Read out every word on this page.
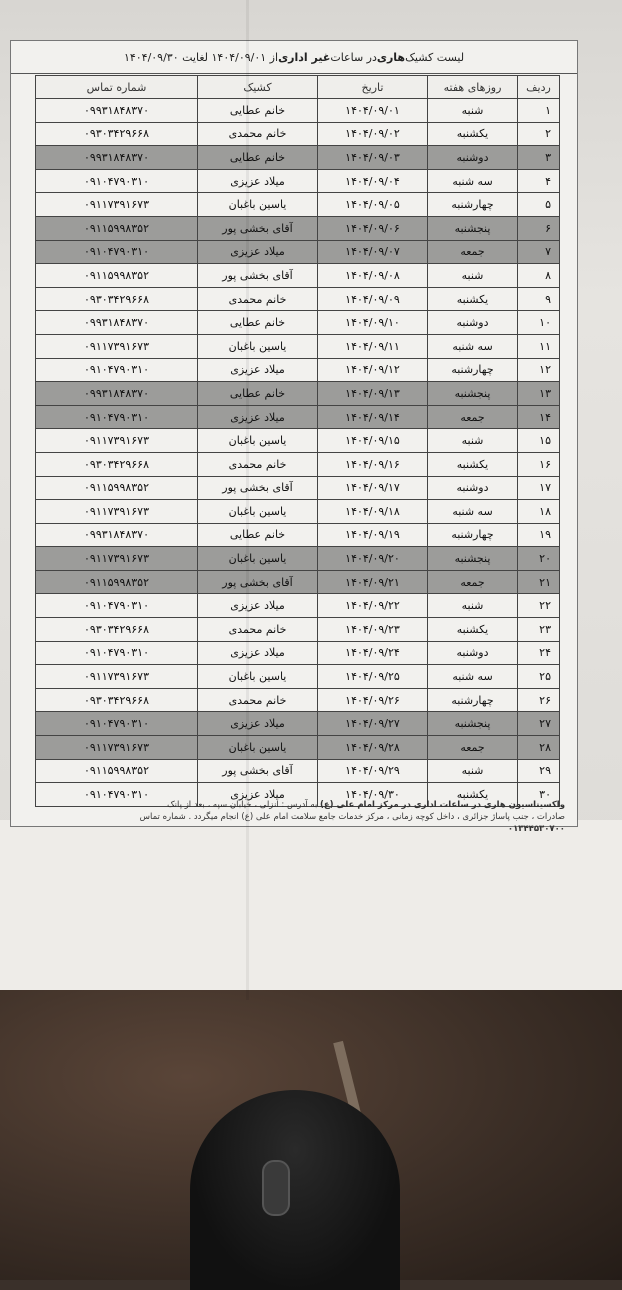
لیست کشیک
هاری
در ساعات
غیر اداری
از ۱۴۰۴/۰۹/۰۱ لغایت ۱۴۰۴/۰۹/۳۰
ردیف	روزهای هفته	تاریخ	کشیک	شماره تماس
۱	شنبه	۱۴۰۴/۰۹/۰۱	خانم عطایی	۰۹۹۳۱۸۴۸۳۷۰
۲	یکشنبه	۱۴۰۴/۰۹/۰۲	خانم محمدی	۰۹۳۰۳۴۲۹۶۶۸
۳	دوشنبه	۱۴۰۴/۰۹/۰۳	خانم عطایی	۰۹۹۳۱۸۴۸۳۷۰
۴	سه شنبه	۱۴۰۴/۰۹/۰۴	میلاد عزیزی	۰۹۱۰۴۷۹۰۳۱۰
۵	چهارشنبه	۱۴۰۴/۰۹/۰۵	یاسین باغبان	۰۹۱۱۷۳۹۱۶۷۳
۶	پنجشنبه	۱۴۰۴/۰۹/۰۶	آقای بخشی پور	۰۹۱۱۵۹۹۸۳۵۲
۷	جمعه	۱۴۰۴/۰۹/۰۷	میلاد عزیزی	۰۹۱۰۴۷۹۰۳۱۰
۸	شنبه	۱۴۰۴/۰۹/۰۸	آقای بخشی پور	۰۹۱۱۵۹۹۸۳۵۲
۹	یکشنبه	۱۴۰۴/۰۹/۰۹	خانم محمدی	۰۹۳۰۳۴۲۹۶۶۸
۱۰	دوشنبه	۱۴۰۴/۰۹/۱۰	خانم عطایی	۰۹۹۳۱۸۴۸۳۷۰
۱۱	سه شنبه	۱۴۰۴/۰۹/۱۱	یاسین باغبان	۰۹۱۱۷۳۹۱۶۷۳
۱۲	چهارشنبه	۱۴۰۴/۰۹/۱۲	میلاد عزیزی	۰۹۱۰۴۷۹۰۳۱۰
۱۳	پنجشنبه	۱۴۰۴/۰۹/۱۳	خانم عطایی	۰۹۹۳۱۸۴۸۳۷۰
۱۴	جمعه	۱۴۰۴/۰۹/۱۴	میلاد عزیزی	۰۹۱۰۴۷۹۰۳۱۰
۱۵	شنبه	۱۴۰۴/۰۹/۱۵	یاسین باغبان	۰۹۱۱۷۳۹۱۶۷۳
۱۶	یکشنبه	۱۴۰۴/۰۹/۱۶	خانم محمدی	۰۹۳۰۳۴۲۹۶۶۸
۱۷	دوشنبه	۱۴۰۴/۰۹/۱۷	آقای بخشی پور	۰۹۱۱۵۹۹۸۳۵۲
۱۸	سه شنبه	۱۴۰۴/۰۹/۱۸	یاسین باغبان	۰۹۱۱۷۳۹۱۶۷۳
۱۹	چهارشنبه	۱۴۰۴/۰۹/۱۹	خانم عطایی	۰۹۹۳۱۸۴۸۳۷۰
۲۰	پنجشنبه	۱۴۰۴/۰۹/۲۰	یاسین باغبان	۰۹۱۱۷۳۹۱۶۷۳
۲۱	جمعه	۱۴۰۴/۰۹/۲۱	آقای بخشی پور	۰۹۱۱۵۹۹۸۳۵۲
۲۲	شنبه	۱۴۰۴/۰۹/۲۲	میلاد عزیزی	۰۹۱۰۴۷۹۰۳۱۰
۲۳	یکشنبه	۱۴۰۴/۰۹/۲۳	خانم محمدی	۰۹۳۰۳۴۲۹۶۶۸
۲۴	دوشنبه	۱۴۰۴/۰۹/۲۴	میلاد عزیزی	۰۹۱۰۴۷۹۰۳۱۰
۲۵	سه شنبه	۱۴۰۴/۰۹/۲۵	یاسین باغبان	۰۹۱۱۷۳۹۱۶۷۳
۲۶	چهارشنبه	۱۴۰۴/۰۹/۲۶	خانم محمدی	۰۹۳۰۳۴۲۹۶۶۸
۲۷	پنجشنبه	۱۴۰۴/۰۹/۲۷	میلاد عزیزی	۰۹۱۰۴۷۹۰۳۱۰
۲۸	جمعه	۱۴۰۴/۰۹/۲۸	یاسین باغبان	۰۹۱۱۷۳۹۱۶۷۳
۲۹	شنبه	۱۴۰۴/۰۹/۲۹	آقای بخشی پور	۰۹۱۱۵۹۹۸۳۵۲
۳۰	یکشنبه	۱۴۰۴/۰۹/۳۰	میلاد عزیزی	۰۹۱۰۴۷۹۰۳۱۰
واکسیناسیون هاری در ساعات اداری در مرکز امام علی (ع) به آدرس : انزلی ، خیابان سپه ، بعد از پانک
صادرات ، جنب پاساژ جزائری ، داخل کوچه زمانی ، مرکز خدمات جامع سلامت امام علی (ع) انجام میگردد . شماره تماس
۰۱۳۴۴۵۳۰۷۰۰
